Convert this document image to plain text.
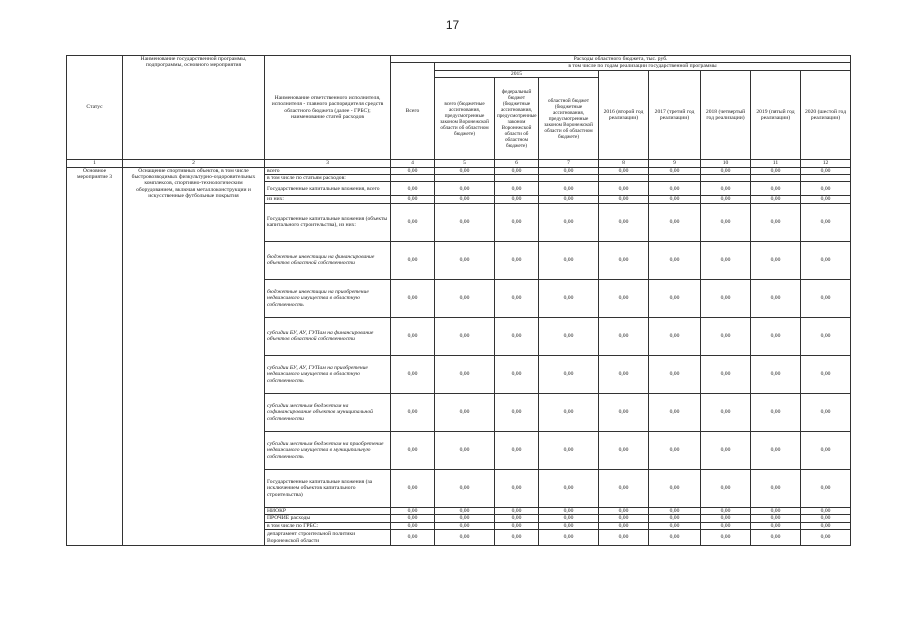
17
Статус	Наименование государственной программы, подпрограммы, основного мероприятия	Наименование ответственного исполнителя, исполнителя - главного распорядителя средств областного бюджета (далее - ГРБС); наименование статей расходов	Расходы областного бюджета, тыс. руб.								
			Всего	в том числе по годам реализации государственной программы							
				2015			2016 (второй год реализации)	2017 (третий год реализации)	2018 (четвертый год реализации)	2019 (пятый год реализации)	2020 (шестой год реализации)
				всего (бюджетные ассигнования, предусмотренные законом Воронежской области об областном бюджете)	федеральный бюджет (бюджетные ассигнования, предусмотренные законом Воронежской области об областном бюджете)	областной бюджет (бюджетные ассигнования, предусмотренные законом Воронежской области об областном бюджете)					
1	2	3	4	5	6	7	8	9	10	11	12
Основное мероприятие 3	Оснащение спортивных объектов, в том числе быстровозводимых физкультурно-оздоровительных комплексов, спортивно-технологическим оборудованием, включая металлоконструкции и искусственные футбольные покрытия	всего	0,00	0,00	0,00	0,00	0,00	0,00	0,00	0,00	0,00
		в том числе по статьям расходов:									
		Государственные капитальные вложения, всего	0,00	0,00	0,00	0,00	0,00	0,00	0,00	0,00	0,00
		из них:	0,00	0,00	0,00	0,00	0,00	0,00	0,00	0,00	0,00
		Государственные капитальные вложения (объекты капитального строительства), из них:	0,00	0,00	0,00	0,00	0,00	0,00	0,00	0,00	0,00
		бюджетные инвестиции на финансирование объектов областной собственности	0,00	0,00	0,00	0,00	0,00	0,00	0,00	0,00	0,00
		бюджетные инвестиции на приобретение недвижимого имущества в областную собственность	0,00	0,00	0,00	0,00	0,00	0,00	0,00	0,00	0,00
		субсидии БУ, АУ, ГУПам на финансирование объектов областной собственности	0,00	0,00	0,00	0,00	0,00	0,00	0,00	0,00	0,00
		субсидии БУ, АУ, ГУПам на приобретение недвижимого имущества в областную собственность	0,00	0,00	0,00	0,00	0,00	0,00	0,00	0,00	0,00
		субсидии местным бюджетам на софинансирование объектов муниципальной собственности	0,00	0,00	0,00	0,00	0,00	0,00	0,00	0,00	0,00
		субсидии местным бюджетам на приобретение недвижимого имущества в муниципальную собственность	0,00	0,00	0,00	0,00	0,00	0,00	0,00	0,00	0,00
		Государственные капитальные вложения (за исключением объектов капитального строительства)	0,00	0,00	0,00	0,00	0,00	0,00	0,00	0,00	0,00
		НИОКР	0,00	0,00	0,00	0,00	0,00	0,00	0,00	0,00	0,00
		ПРОЧИЕ расходы	0,00	0,00	0,00	0,00	0,00	0,00	0,00	0,00	0,00
		в том числе по ГРБС:	0,00	0,00	0,00	0,00	0,00	0,00	0,00	0,00	0,00
		департамент строительной политики Воронежской области	0,00	0,00	0,00	0,00	0,00	0,00	0,00	0,00	0,00
